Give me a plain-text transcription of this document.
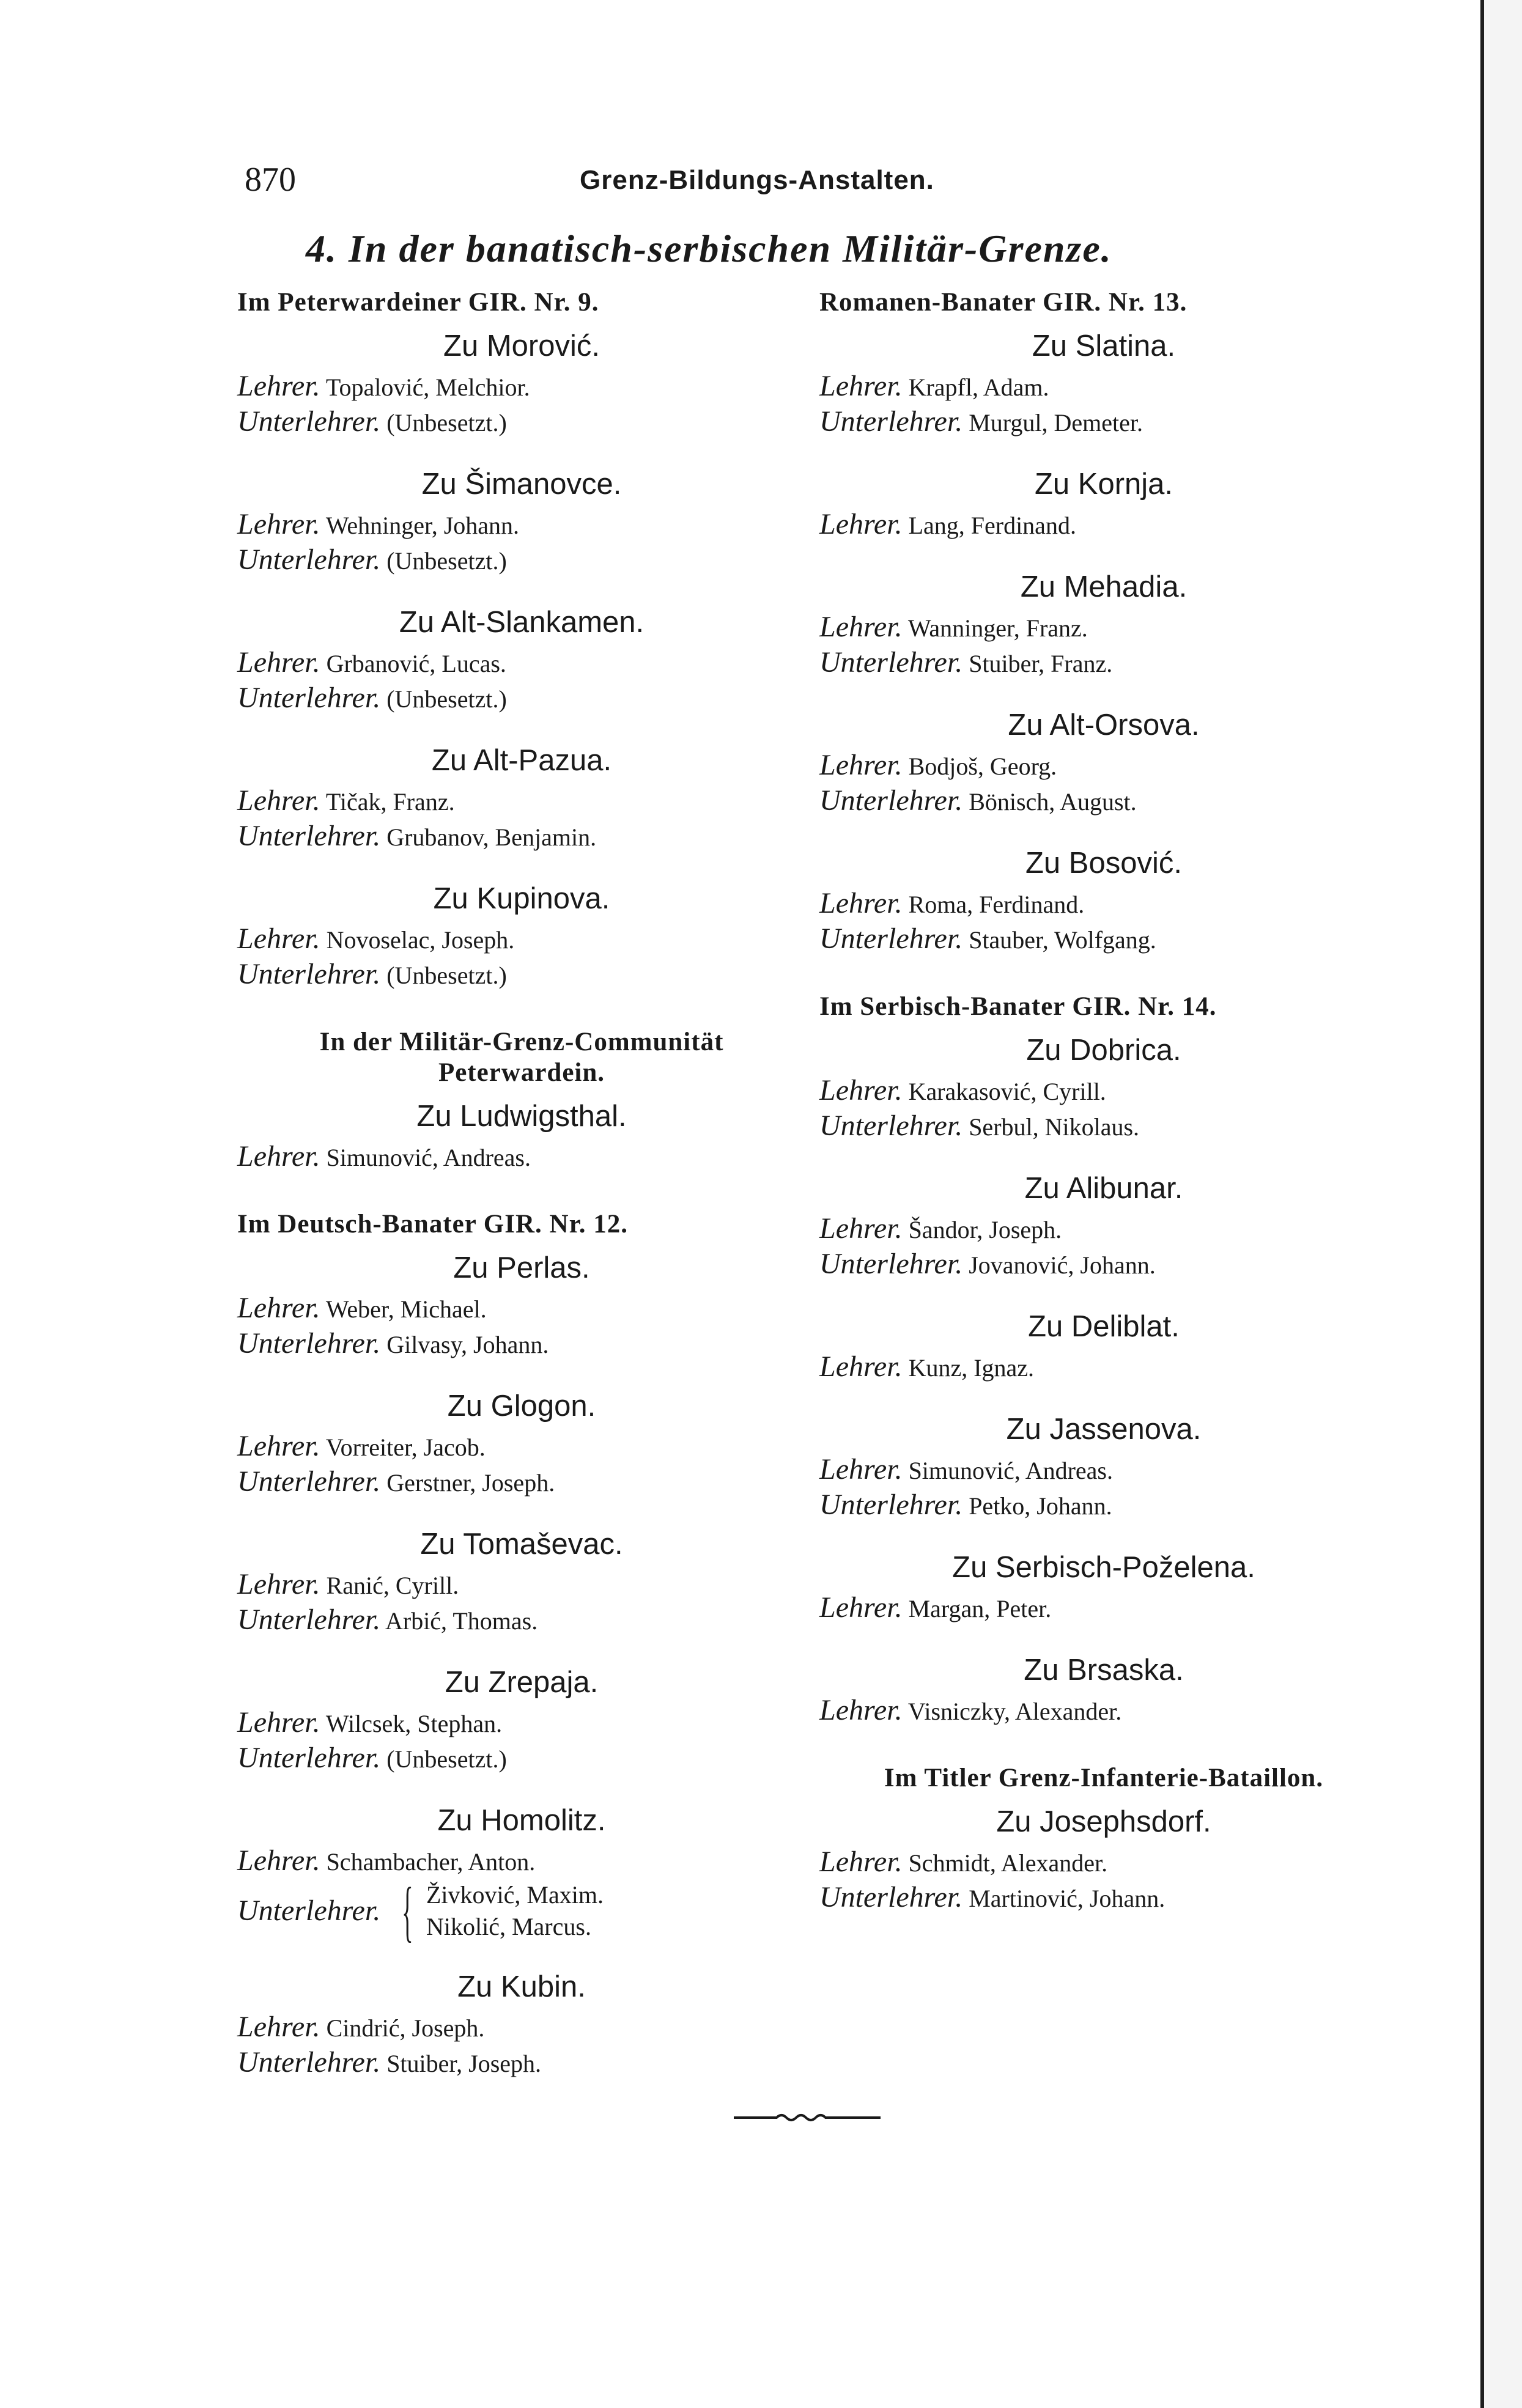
870	Grenz-Bildungs-Anstalten.
4. In der banatisch-serbischen Militär-Grenze.
Im Peterwardeiner GIR. Nr. 9.
Zu Morović.
Lehrer. Topalović, Melchior.
Unterlehrer. (Unbesetzt.)
Zu Šimanovce.
Lehrer. Wehninger, Johann.
Unterlehrer. (Unbesetzt.)
Zu Alt-Slankamen.
Lehrer. Grbanović, Lucas.
Unterlehrer. (Unbesetzt.)
Zu Alt-Pazua.
Lehrer. Tičak, Franz.
Unterlehrer. Grubanov, Benjamin.
Zu Kupinova.
Lehrer. Novoselac, Joseph.
Unterlehrer. (Unbesetzt.)
In der Militär-Grenz-Communität Peterwardein.
Zu Ludwigsthal.
Lehrer. Simunović, Andreas.
Im Deutsch-Banater GIR. Nr. 12.
Zu Perlas.
Lehrer. Weber, Michael.
Unterlehrer. Gilvasy, Johann.
Zu Glogon.
Lehrer. Vorreiter, Jacob.
Unterlehrer. Gerstner, Joseph.
Zu Tomaševac.
Lehrer. Ranić, Cyrill.
Unterlehrer. Arbić, Thomas.
Zu Zrepaja.
Lehrer. Wilcsek, Stephan.
Unterlehrer. (Unbesetzt.)
Zu Homolitz.
Lehrer. Schambacher, Anton.
Unterlehrer. { Živković, Maxim.
Nikolić, Marcus.
Zu Kubin.
Lehrer. Cindrić, Joseph.
Unterlehrer. Stuiber, Joseph.
Romanen-Banater GIR. Nr. 13.
Zu Slatina.
Lehrer. Krapfl, Adam.
Unterlehrer. Murgul, Demeter.
Zu Kornja.
Lehrer. Lang, Ferdinand.
Zu Mehadia.
Lehrer. Wanninger, Franz.
Unterlehrer. Stuiber, Franz.
Zu Alt-Orsova.
Lehrer. Bodjoš, Georg.
Unterlehrer. Bönisch, August.
Zu Bosović.
Lehrer. Roma, Ferdinand.
Unterlehrer. Stauber, Wolfgang.
Im Serbisch-Banater GIR. Nr. 14.
Zu Dobrica.
Lehrer. Karakasović, Cyrill.
Unterlehrer. Serbul, Nikolaus.
Zu Alibunar.
Lehrer. Šandor, Joseph.
Unterlehrer. Jovanović, Johann.
Zu Deliblat.
Lehrer. Kunz, Ignaz.
Zu Jassenova.
Lehrer. Simunović, Andreas.
Unterlehrer. Petko, Johann.
Zu Serbisch-Poželena.
Lehrer. Margan, Peter.
Zu Brsaska.
Lehrer. Visniczky, Alexander.
Im Titler Grenz-Infanterie-Bataillon.
Zu Josephsdorf.
Lehrer. Schmidt, Alexander.
Unterlehrer. Martinović, Johann.
